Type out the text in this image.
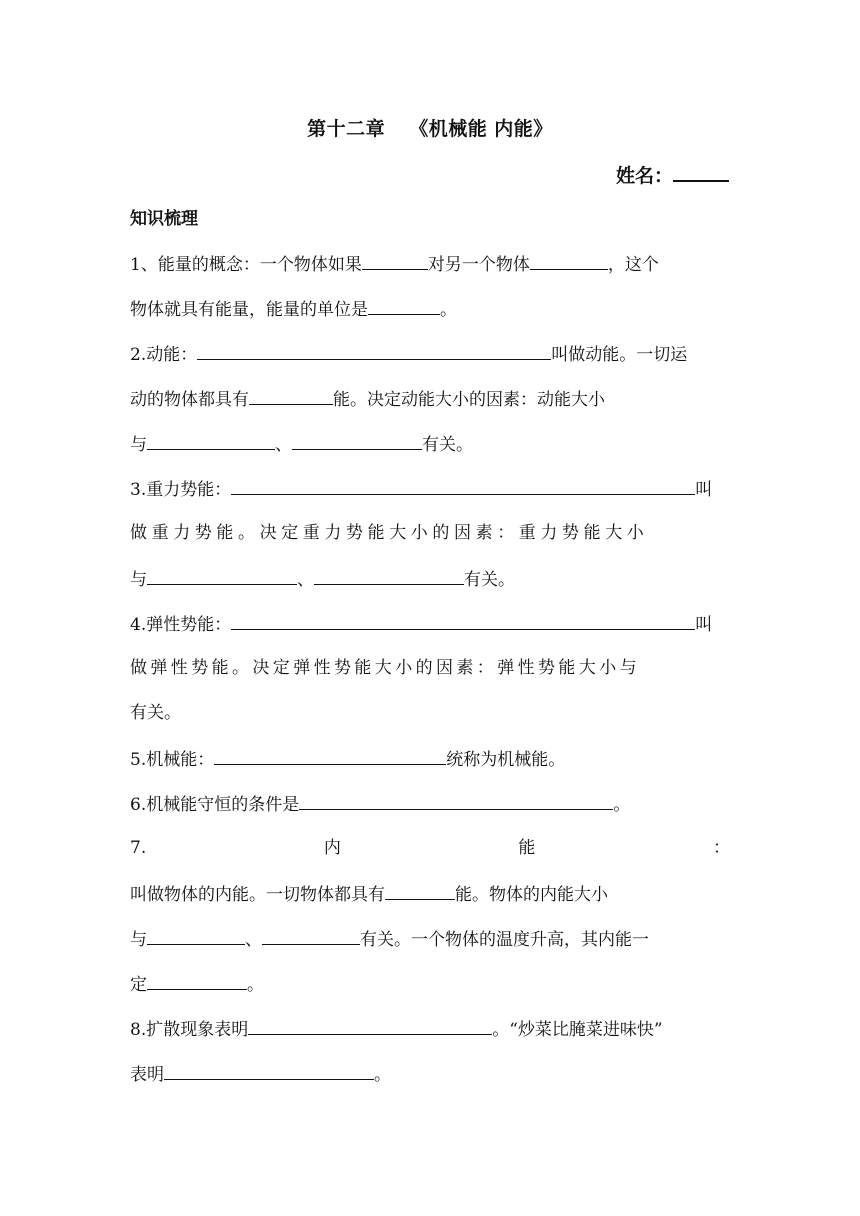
第十二章 《机械能 内能》
姓名：
知识梳理
1、能量的概念：一个物体如果	对另一个物体	，这个
物体就具有能量，能量的单位是	。
2.动能：	叫做动能。一切运
动的物体都具有	能。决定动能大小的因素：动能大小
与	、	有关。
3.重力势能：	叫
做重力势能。决定重力势能大小的因素：重力势能大小
与	、	有关。
4.弹性势能：	叫
做弹性势能。决定弹性势能大小的因素：弹性势能大小与
有关。
5.机械能：	统称为机械能。
6.机械能守恒的条件是	。
7.	内	能	：
叫做物体的内能。一切物体都具有	能。物体的内能大小
与	、	有关。一个物体的温度升高，其内能一
定	。
8.扩散现象表明	。“炒菜比腌菜进味快”
表明	。
